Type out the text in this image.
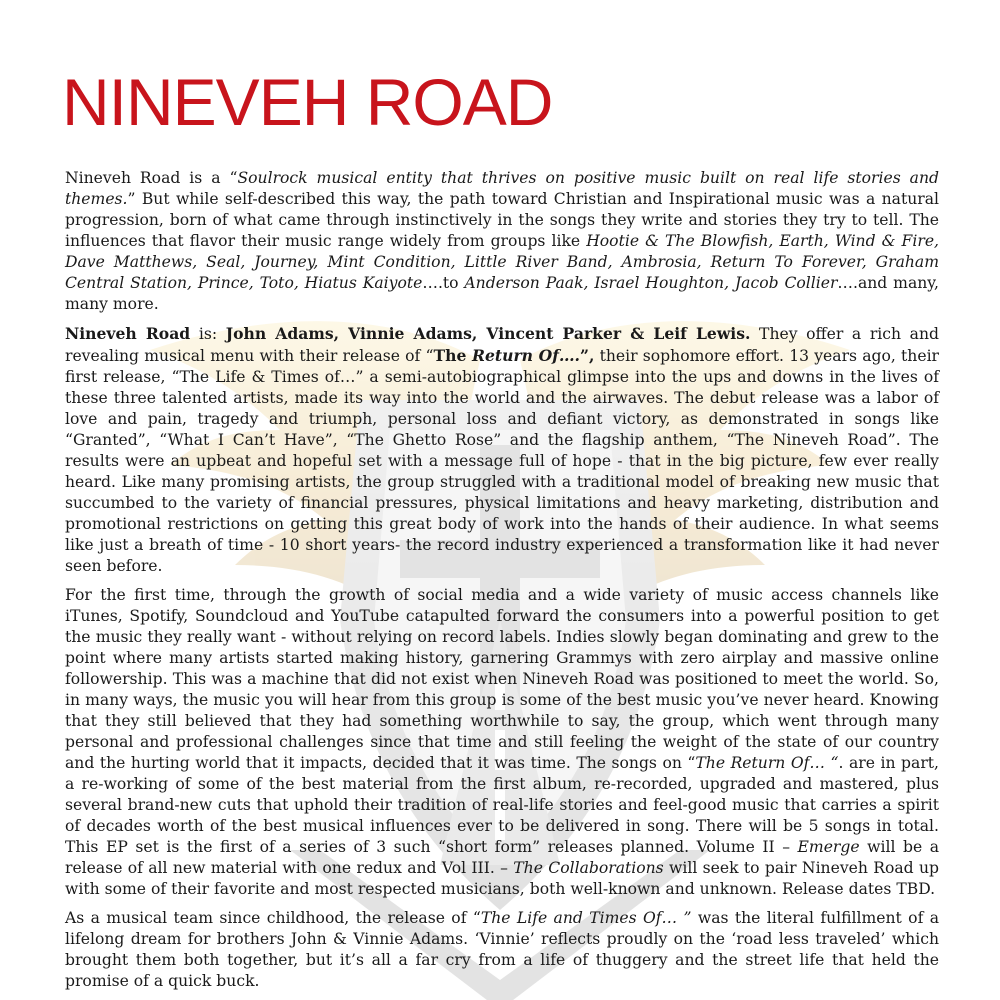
NINEVEH ROAD

Nineveh Road is a “Soulrock musical entity that thrives on positive music built on real life stories and themes.” But while self-described this way, the path toward Christian and Inspirational music was a natural progression, born of what came through instinctively in the songs they write and stories they try to tell. The influences that flavor their music range widely from groups like Hootie & The Blowfish, Earth, Wind & Fire, Dave Matthews, Seal, Journey, Mint Condition, Little River Band, Ambrosia, Return To Forever, Graham Central Station, Prince, Toto, Hiatus Kaiyote….to Anderson Paak, Israel Houghton, Jacob Collier….and many, many more.

Nineveh Road is: John Adams, Vinnie Adams, Vincent Parker & Leif Lewis. They offer a rich and revealing musical menu with their release of “The Return Of….”, their sophomore effort. 13 years ago, their first release, “The Life & Times of…” a semi-autobiographical glimpse into the ups and downs in the lives of these three talented artists, made its way into the world and the airwaves. The debut release was a labor of love and pain, tragedy and triumph, personal loss and defiant victory, as demonstrated in songs like “Granted”, “What I Can’t Have”, “The Ghetto Rose” and the flagship anthem, “The Nineveh Road”. The results were an upbeat and hopeful set with a message full of hope - that in the big picture, few ever really heard. Like many promising artists, the group struggled with a traditional model of breaking new music that succumbed to the variety of financial pressures, physical limitations and heavy marketing, distribution and promotional restrictions on getting this great body of work into the hands of their audience. In what seems like just a breath of time - 10 short years- the record industry experienced a transformation like it had never seen before.

For the first time, through the growth of social media and a wide variety of music access channels like iTunes, Spotify, Soundcloud and YouTube catapulted forward the consumers into a powerful position to get the music they really want - without relying on record labels. Indies slowly began dominating and grew to the point where many artists started making history, garnering Grammys with zero airplay and massive online followership. This was a machine that did not exist when Nineveh Road was positioned to meet the world. So, in many ways, the music you will hear from this group is some of the best music you’ve never heard. Knowing that they still believed that they had something worthwhile to say, the group, which went through many personal and professional challenges since that time and still feeling the weight of the state of our country and the hurting world that it impacts, decided that it was time. The songs on “The Return Of… “. are in part, a re-working of some of the best material from the first album, re-recorded, upgraded and mastered, plus several brand-new cuts that uphold their tradition of real-life stories and feel-good music that carries a spirit of decades worth of the best musical influences ever to be delivered in song. There will be 5 songs in total. This EP set is the first of a series of 3 such “short form” releases planned. Volume II – Emerge will be a release of all new material with one redux and Vol III. – The Collaborations will seek to pair Nineveh Road up with some of their favorite and most respected musicians, both well-known and unknown. Release dates TBD.

As a musical team since childhood, the release of “The Life and Times Of… ” was the literal fulfillment of a lifelong dream for brothers John & Vinnie Adams. ‘Vinnie’ reflects proudly on the ‘road less traveled’ which brought them both together, but it’s all a far cry from a life of thuggery and the street life that held the promise of a quick buck.
